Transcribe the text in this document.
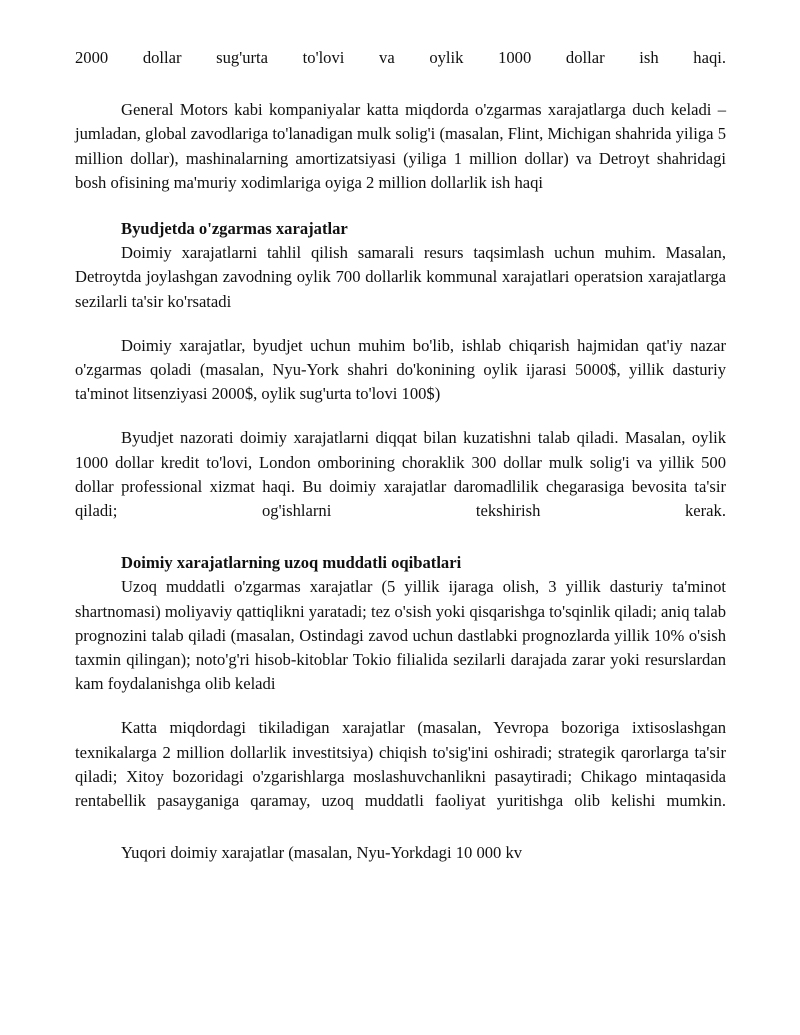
2000 dollar sug'urta to'lovi va oylik 1000 dollar ish haqi.

General Motors kabi kompaniyalar katta miqdorda o'zgarmas xarajatlarga duch keladi – jumladan, global zavodlariga to'lanadigan mulk solig'i (masalan, Flint, Michigan shahrida yiligа 5 million dollar), mashinalarning amortizatsiyasi (yiliga 1 million dollar) va Detroyt shahridagi bosh ofisining ma'muriy xodimlariga oyiga 2 million dollarlik ish haqi

Byudjetda o'zgarmas xarajatlar

Doimiy xarajatlarni tahlil qilish samarali resurs taqsimlash uchun muhim. Masalan, Detroytda joylashgan zavodning oylik 700 dollarlik kommunal xarajatlari operatsion xarajatlarga sezilarli ta'sir ko'rsatadi

Doimiy xarajatlar, byudjet uchun muhim bo'lib, ishlab chiqarish hajmidan qat'iy nazar o'zgarmas qoladi (masalan, Nyu-York shahri do'konining oylik ijarasi 5000$, yillik dasturiy ta'minot litsenziyasi 2000$, oylik sug'urta to'lovi 100$)

Byudjet nazorati doimiy xarajatlarni diqqat bilan kuzatishni talab qiladi. Masalan, oylik 1000 dollar kredit to'lovi, London omborining choraklik 300 dollar mulk solig'i va yillik 500 dollar professional xizmat haqi. Bu doimiy xarajatlar daromadlilik chegarasiga bevosita ta'sir qiladi; og'ishlarni tekshirish kerak.

Doimiy xarajatlarning uzoq muddatli oqibatlari

Uzoq muddatli o'zgarmas xarajatlar (5 yillik ijaraga olish, 3 yillik dasturiy ta'minot shartnomasi) moliyaviy qattiqlikni yaratadi; tez o'sish yoki qisqarishga to'sqinlik qiladi; aniq talab prognozini talab qiladi (masalan, Ostindagi zavod uchun dastlabki prognozlarda yillik 10% o'sish taxmin qilingan); noto'g'ri hisob-kitoblar Tokio filialida sezilarli darajada zarar yoki resurslardan kam foydalanishga olib keladi

Katta miqdordagi tikiladigan xarajatlar (masalan, Yevropa bozoriga ixtisoslashgan texnikalarga 2 million dollarlik investitsiya) chiqish to'sig'ini oshiradi; strategik qarorlarga ta'sir qiladi; Xitoy bozoridagi o'zgarishlarga moslashuvchanlikni pasaytiradi; Chikago mintaqasida rentabellik pasayganiga qaramay, uzoq muddatli faoliyat yuritishga olib kelishi mumkin.

Yuqori doimiy xarajatlar (masalan, Nyu-Yorkdagi 10 000 kv
